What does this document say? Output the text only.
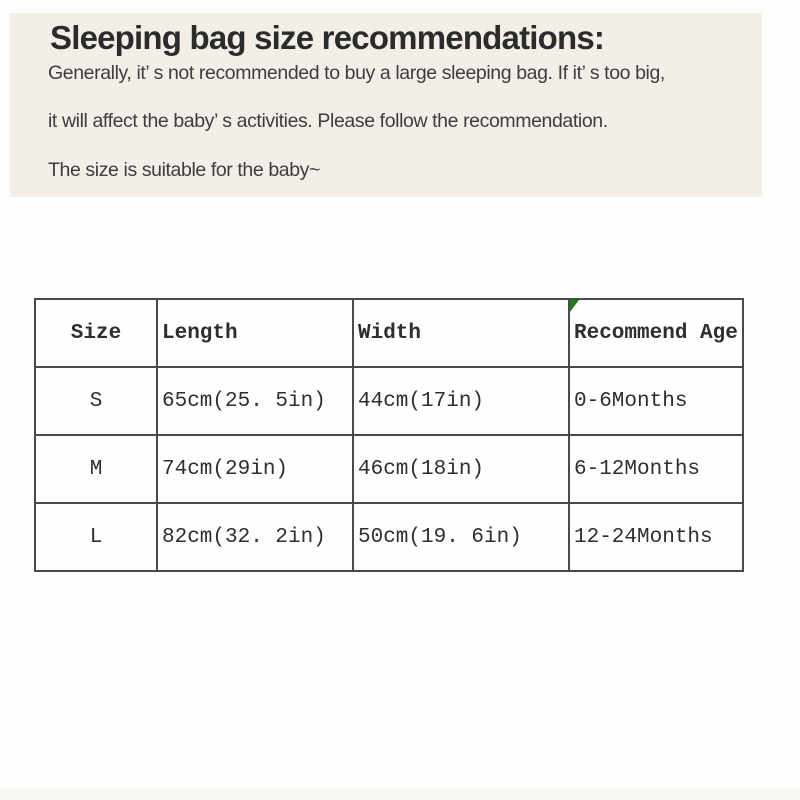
Sleeping bag size recommendations:

Generally, it’ s not recommended to buy a large sleeping bag. If it’ s too big,

it will affect the baby’ s activities. Please follow the recommendation.

The size is suitable for the baby~

Size	Length	Width	Recommend Age
S	65cm(25. 5in)	44cm(17in)	0-6Months
M	74cm(29in)	46cm(18in)	6-12Months
L	82cm(32. 2in)	50cm(19. 6in)	12-24Months
